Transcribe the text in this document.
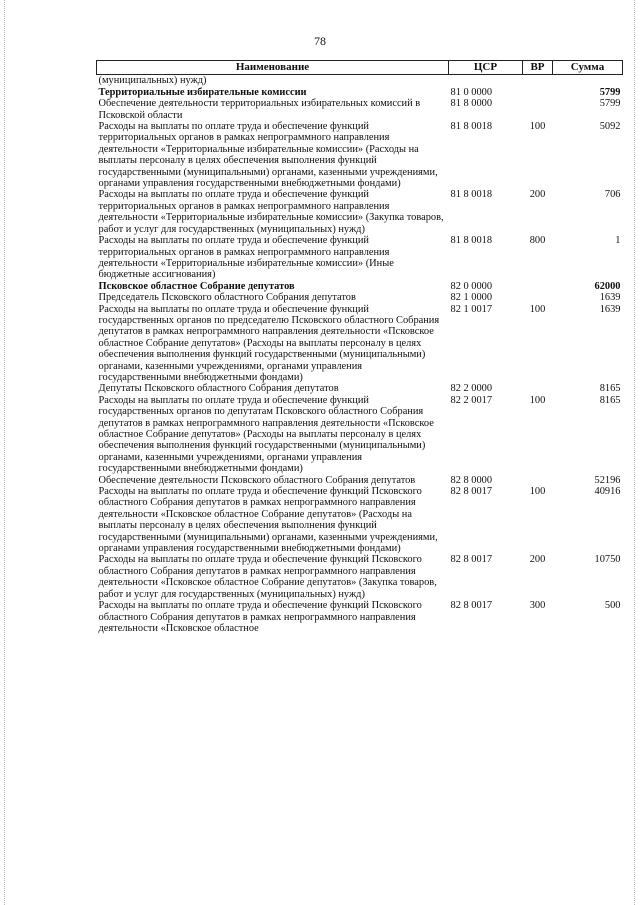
78
Наименование	ЦСР	ВР	Сумма
(муниципальных) нужд)			
Территориальные избирательные комиссии	81 0 0000		5799
Обеспечение деятельности территориальных избирательных комиссий в Псковской области	81 8 0000		5799
Расходы на выплаты по оплате труда и обеспечение функций территориальных органов в рамках непрограммного направления деятельности «Территориальные избирательные комиссии» (Расходы на выплаты персоналу в целях обеспечения выполнения функций государственными (муниципальными) органами, казенными учреждениями, органами управления государственными внебюджетными фондами)	81 8 0018	100	5092
Расходы на выплаты по оплате труда и обеспечение функций территориальных органов в рамках непрограммного направления деятельности «Территориальные избирательные комиссии» (Закупка товаров, работ и услуг для государственных (муниципальных) нужд)	81 8 0018	200	706
Расходы на выплаты по оплате труда и обеспечение функций территориальных органов в рамках непрограммного направления деятельности «Территориальные избирательные комиссии» (Иные бюджетные ассигнования)	81 8 0018	800	1
Псковское областное Собрание депутатов	82 0 0000		62000
Председатель Псковского областного Собрания депутатов	82 1 0000		1639
Расходы на выплаты по оплате труда и обеспечение функций государственных органов по председателю Псковского областного Собрания депутатов в рамках непрограммного направления деятельности «Псковское областное Собрание депутатов» (Расходы на выплаты персоналу в целях обеспечения выполнения функций государственными (муниципальными) органами, казенными учреждениями, органами управления государственными внебюджетными фондами)	82 1 0017	100	1639
Депутаты Псковского областного Собрания депутатов	82 2 0000		8165
Расходы на выплаты по оплате труда и обеспечение функций государственных органов по депутатам Псковского областного Собрания депутатов в рамках непрограммного направления деятельности «Псковское областное Собрание депутатов» (Расходы на выплаты персоналу в целях обеспечения выполнения функций государственными (муниципальными) органами, казенными учреждениями, органами управления государственными внебюджетными фондами)	82 2 0017	100	8165
Обеспечение деятельности Псковского областного Собрания депутатов	82 8 0000		52196
Расходы на выплаты по оплате труда и обеспечение функций Псковского областного Собрания депутатов в рамках непрограммного направления деятельности «Псковское областное Собрание депутатов» (Расходы на выплаты персоналу в целях обеспечения выполнения функций государственными (муниципальными) органами, казенными учреждениями, органами управления государственными внебюджетными фондами)	82 8 0017	100	40916
Расходы на выплаты по оплате труда и обеспечение функций Псковского областного Собрания депутатов в рамках непрограммного направления деятельности «Псковское областное Собрание депутатов» (Закупка товаров, работ и услуг для государственных (муниципальных) нужд)	82 8 0017	200	10750
Расходы на выплаты по оплате труда и обеспечение функций Псковского областного Собрания депутатов в рамках непрограммного направления деятельности «Псковское областное	82 8 0017	300	500
